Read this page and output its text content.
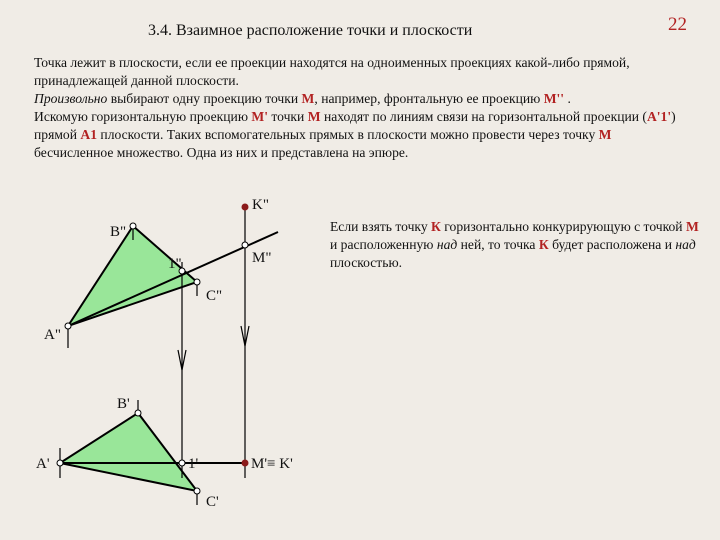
3.4. Взаимное расположение точки и плоскости	22
Точка лежит в плоскости, если ее проекции находятся на одноименных проекциях какой-либо прямой, принадлежащей данной плоскости.
Произвольно выбирают одну проекцию точки М, например, фронтальную ее проекцию М'' .
Искомую горизонтальную проекцию М' точки М находят по линиям связи на горизонтальной проекции (А'1') прямой А1 плоскости. Таких вспомогательных прямых в плоскости можно провести через точку М бесчисленное множество. Одна из них и представлена на эпюре.
Если взять точку К горизонтально конкурирующую с точкой М и расположенную над ней, то точка К будет расположена и над плоскостью.
K"
B"
1"	M"
C"
A"
B'
A'	1'	M'≡ K'
C'
